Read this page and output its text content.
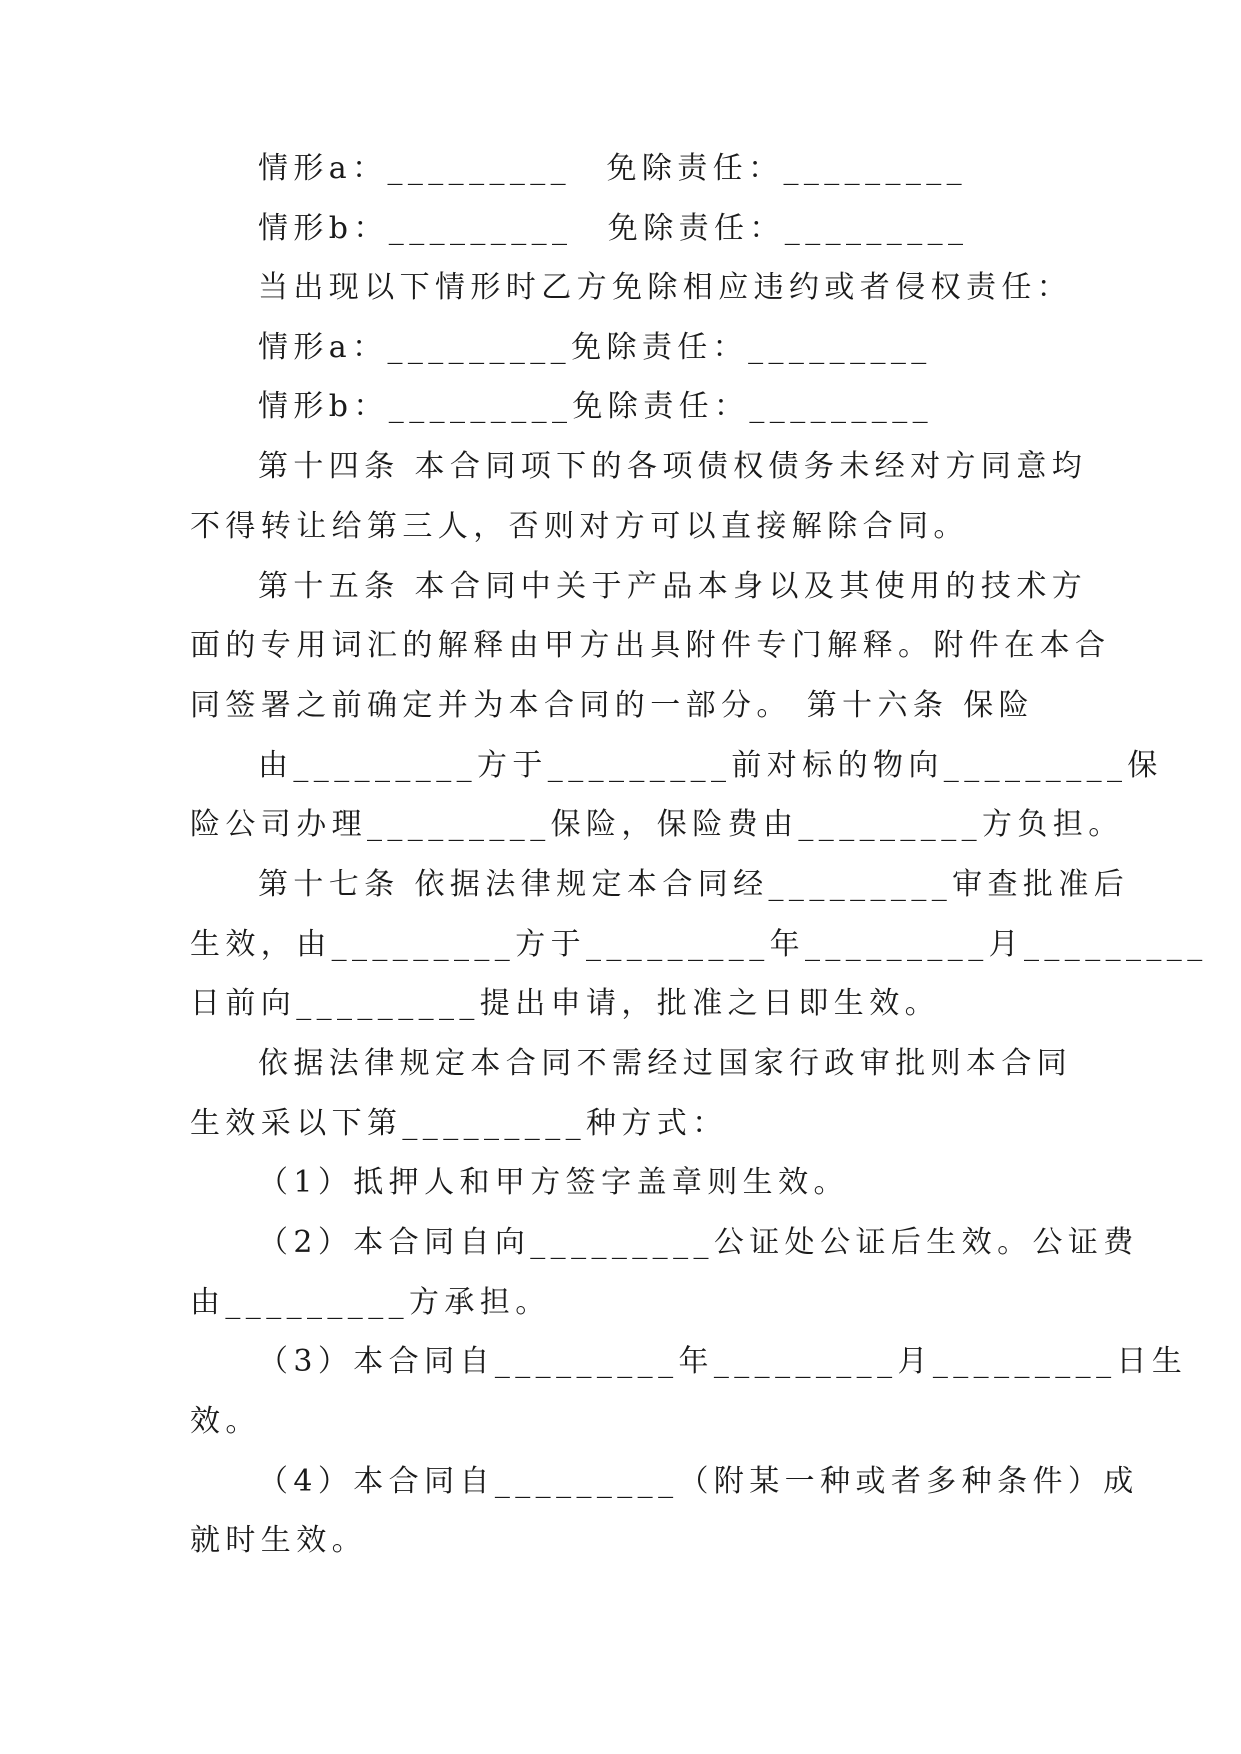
情形a：_________　免除责任：_________
情形b：_________　免除责任：_________
当出现以下情形时乙方免除相应违约或者侵权责任：
情形a：_________免除责任：_________
情形b：_________免除责任：_________
第十四条 本合同项下的各项债权债务未经对方同意均
不得转让给第三人，否则对方可以直接解除合同。
第十五条 本合同中关于产品本身以及其使用的技术方
面的专用词汇的解释由甲方出具附件专门解释。附件在本合
同签署之前确定并为本合同的一部分。 第十六条 保险
由_________方于_________前对标的物向_________保
险公司办理_________保险，保险费由_________方负担。
第十七条 依据法律规定本合同经_________审查批准后
生效，由_________方于_________年_________月_________
日前向_________提出申请，批准之日即生效。
依据法律规定本合同不需经过国家行政审批则本合同
生效采以下第_________种方式：
（1）抵押人和甲方签字盖章则生效。
（2）本合同自向_________公证处公证后生效。公证费
由_________方承担。
（3）本合同自_________年_________月_________日生
效。
（4）本合同自_________（附某一种或者多种条件）成
就时生效。
